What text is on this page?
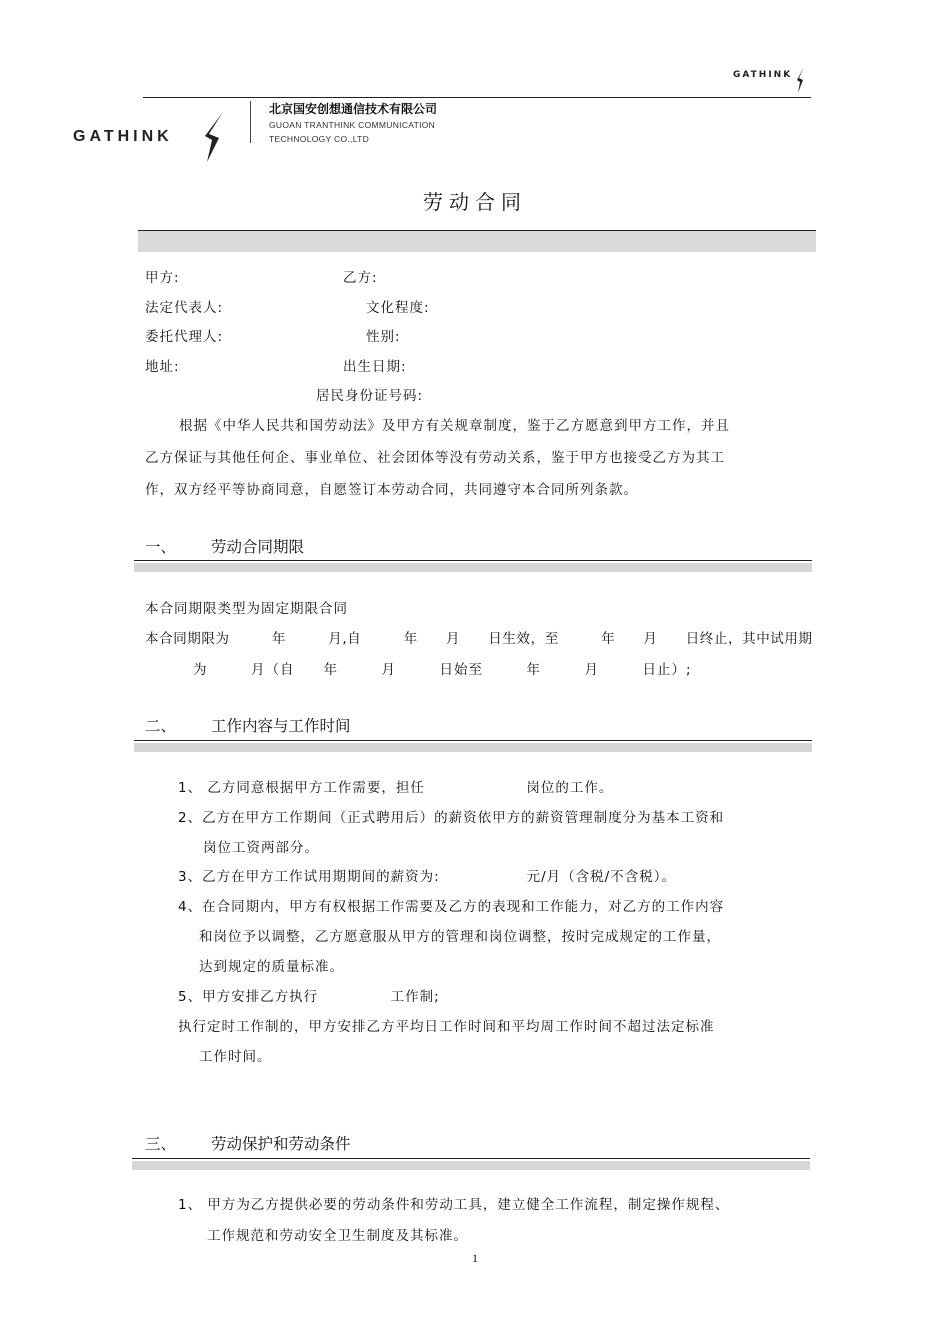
GATHINK
GATHINK
北京国安创想通信技术有限公司
GUOAN TRANTHINK COMMUNICATION
TECHNOLOGY CO.,LTD
劳动合同
甲方:	乙方:
法定代表人:	文化程度:
委托代理人:	性别:
地址:	出生日期:
居民身份证号码:
根据《中华人民共和国劳动法》及甲方有关规章制度，鉴于乙方愿意到甲方工作，并且
乙方保证与其他任何企、事业单位、社会团体等没有劳动关系，鉴于甲方也接受乙方为其工
作，双方经平等协商同意，自愿签订本劳动合同，共同遵守本合同所列条款。
一、 劳动合同期限
本合同期限类型为固定期限合同
本合同期限为　　　年　　　月,自　　　年　　月　　日生效，至　　　年　　月　　日终止，其中试用期
为　　　月（自　　年　　　月　　　日始至　　　年　　　月　　　日止）;
二、 工作内容与工作时间
1、 乙方同意根据甲方工作需要，担任　　　　　　　岗位的工作。
2、乙方在甲方工作期间（正式聘用后）的薪资依甲方的薪资管理制度分为基本工资和
岗位工资两部分。
3、乙方在甲方工作试用期期间的薪资为:　　　　　　元/月（含税/不含税）。
4、在合同期内，甲方有权根据工作需要及乙方的表现和工作能力，对乙方的工作内容
和岗位予以调整，乙方愿意服从甲方的管理和岗位调整，按时完成规定的工作量，
达到规定的质量标准。
5、甲方安排乙方执行　　　　　工作制;
执行定时工作制的，甲方安排乙方平均日工作时间和平均周工作时间不超过法定标准
工作时间。
三、 劳动保护和劳动条件
1、 甲方为乙方提供必要的劳动条件和劳动工具，建立健全工作流程，制定操作规程、
工作规范和劳动安全卫生制度及其标准。
1
